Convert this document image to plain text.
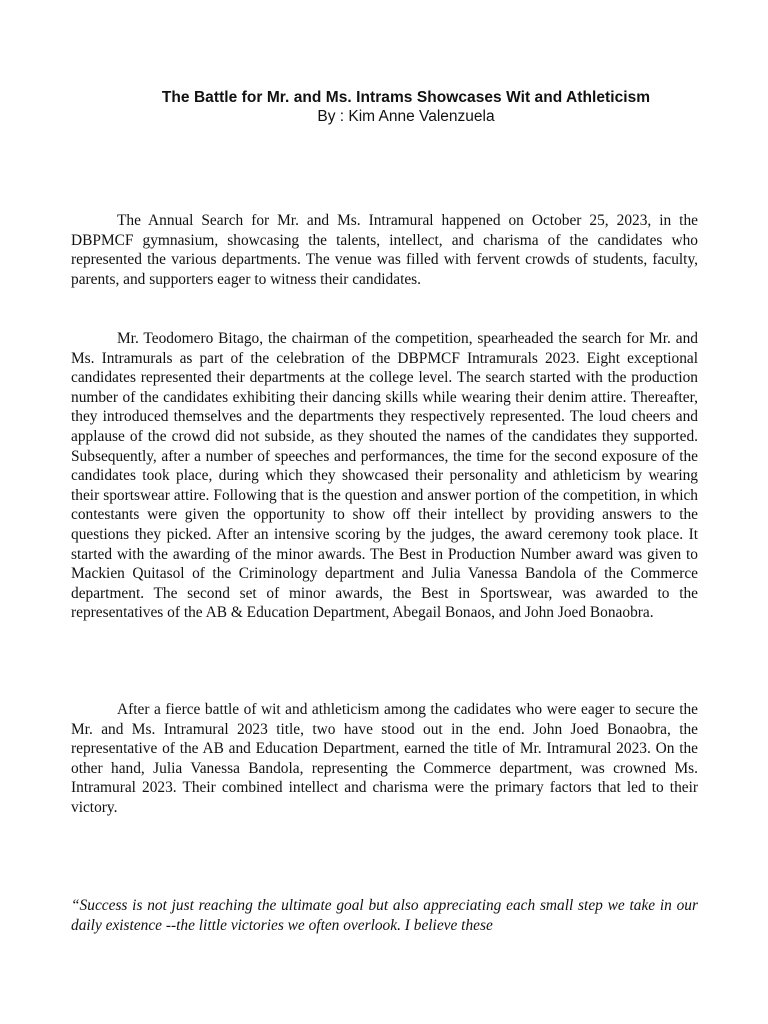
The Battle for Mr. and Ms. Intrams Showcases Wit and Athleticism

By : Kim Anne Valenzuela

The Annual Search for Mr. and Ms. Intramural happened on October 25, 2023, in the DBPMCF gymnasium, showcasing the talents, intellect, and charisma of the candidates who represented the various departments. The venue was filled with fervent crowds of students, faculty, parents, and supporters eager to witness their candidates.

Mr. Teodomero Bitago, the chairman of the competition, spearheaded the search for Mr. and Ms. Intramurals as part of the celebration of the DBPMCF Intramurals 2023. Eight exceptional candidates represented their departments at the college level. The search started with the production number of the candidates exhibiting their dancing skills while wearing their denim attire. Thereafter, they introduced themselves and the departments they respectively represented. The loud cheers and applause of the crowd did not subside, as they shouted the names of the candidates they supported. Subsequently, after a number of speeches and performances, the time for the second exposure of the candidates took place, during which they showcased their personality and athleticism by wearing their sportswear attire. Following that is the question and answer portion of the competition, in which contestants were given the opportunity to show off their intellect by providing answers to the questions they picked. After an intensive scoring by the judges, the award ceremony took place. It started with the awarding of the minor awards. The Best in Production Number award was given to Mackien Quitasol of the Criminology department and Julia Vanessa Bandola of the Commerce department. The second set of minor awards, the Best in Sportswear, was awarded to the representatives of the AB & Education Department, Abegail Bonaos, and John Joed Bonaobra.

After a fierce battle of wit and athleticism among the cadidates who were eager to secure the Mr. and Ms. Intramural 2023 title, two have stood out in the end. John Joed Bonaobra, the representative of the AB and Education Department, earned the title of Mr. Intramural 2023. On the other hand, Julia Vanessa Bandola, representing the Commerce department, was crowned Ms. Intramural 2023. Their combined intellect and charisma were the primary factors that led to their victory.

“Success is not just reaching the ultimate goal but also appreciating each small step we take in our daily existence --the little victories we often overlook. I believe these
